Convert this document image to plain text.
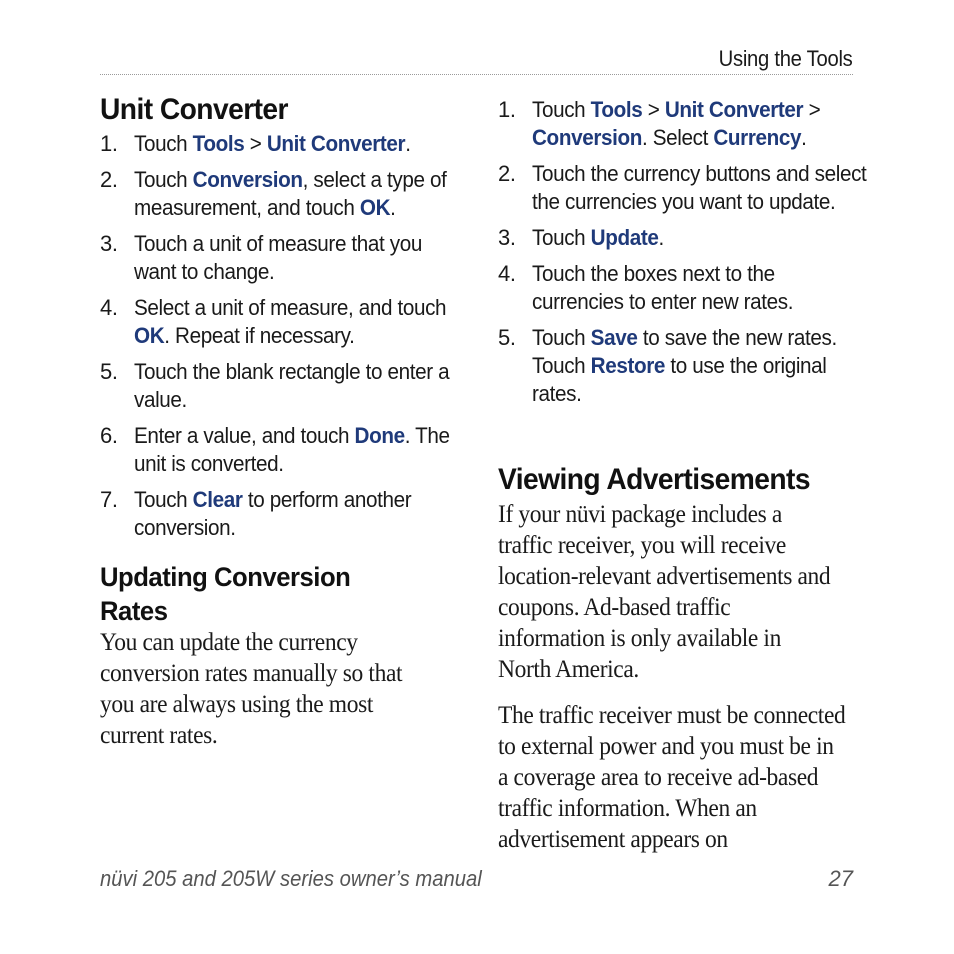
Using the Tools
Unit Converter
1. Touch Tools > Unit Converter.
2. Touch Conversion, select a type of measurement, and touch OK.
3. Touch a unit of measure that you want to change.
4. Select a unit of measure, and touch OK. Repeat if necessary.
5. Touch the blank rectangle to enter a value.
6. Enter a value, and touch Done. The unit is converted.
7. Touch Clear to perform another conversion.
Updating Conversion Rates

You can update the currency conversion rates manually so that you are always using the most current rates.

1. Touch Tools > Unit Converter > Conversion. Select Currency.
2. Touch the currency buttons and select the currencies you want to update.
3. Touch Update.
4. Touch the boxes next to the currencies to enter new rates.
5. Touch Save to save the new rates. Touch Restore to use the original rates.
Viewing Advertisements

If your nüvi package includes a traffic receiver, you will receive location-relevant advertisements and coupons. Ad-based traffic information is only available in North America.

The traffic receiver must be connected to external power and you must be in a coverage area to receive ad-based traffic information. When an advertisement appears on

nüvi 205 and 205W series owner’s manual	27
